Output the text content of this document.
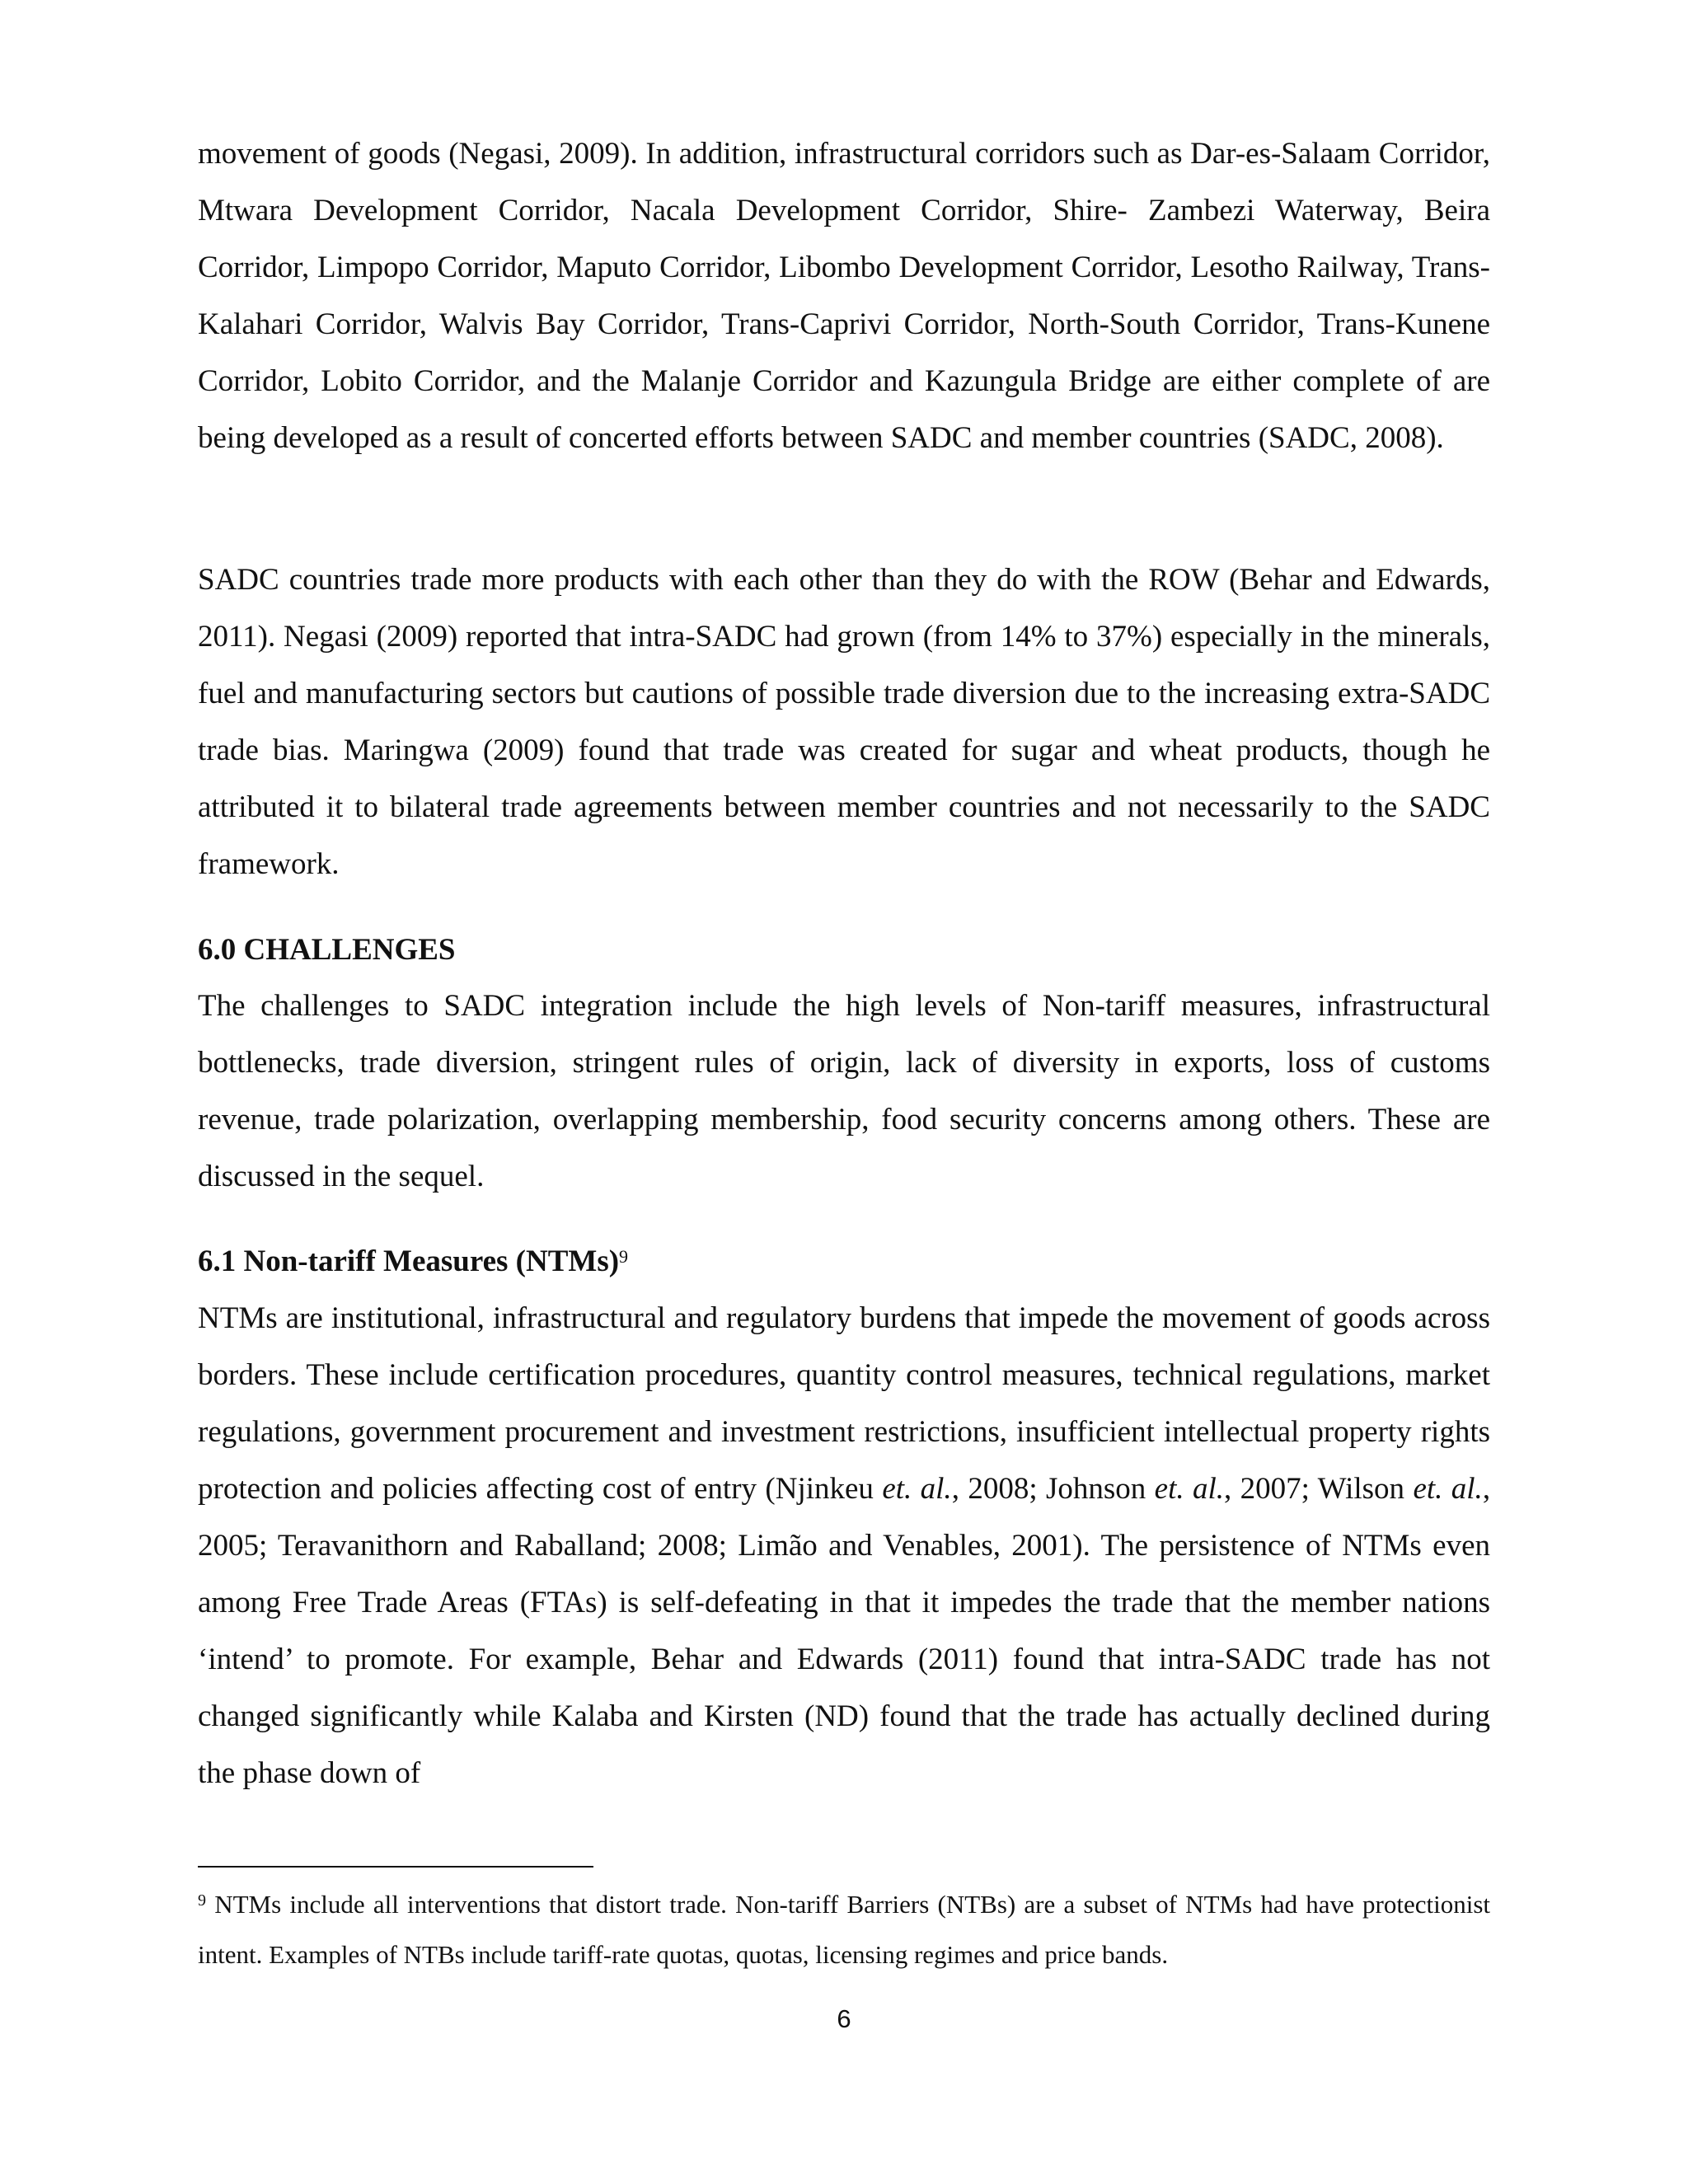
movement of goods (Negasi, 2009). In addition, infrastructural corridors such as Dar-es-Salaam Corridor, Mtwara Development Corridor, Nacala Development Corridor, Shire- Zambezi Waterway, Beira Corridor, Limpopo Corridor, Maputo Corridor, Libombo Development Corridor, Lesotho Railway, Trans-Kalahari Corridor, Walvis Bay Corridor, Trans-Caprivi Corridor, North-South Corridor, Trans-Kunene Corridor, Lobito Corridor, and the Malanje Corridor and Kazungula Bridge are either complete of are being developed as a result of concerted efforts between SADC and member countries (SADC, 2008).

SADC countries trade more products with each other than they do with the ROW (Behar and Edwards, 2011). Negasi (2009) reported that intra-SADC had grown (from 14% to 37%) especially in the minerals, fuel and manufacturing sectors but cautions of possible trade diversion due to the increasing extra-SADC trade bias. Maringwa (2009) found that trade was created for sugar and wheat products, though he attributed it to bilateral trade agreements between member countries and not necessarily to the SADC framework.

6.0 CHALLENGES

The challenges to SADC integration include the high levels of Non-tariff measures, infrastructural bottlenecks, trade diversion, stringent rules of origin, lack of diversity in exports, loss of customs revenue, trade polarization, overlapping membership, food security concerns among others. These are discussed in the sequel.

6.1 Non-tariff Measures (NTMs)$^9$

NTMs are institutional, infrastructural and regulatory burdens that impede the movement of goods across borders. These include certification procedures, quantity control measures, technical regulations, market regulations, government procurement and investment restrictions, insufficient intellectual property rights protection and policies affecting cost of entry (Njinkeu et. al., 2008; Johnson et. al., 2007; Wilson et. al., 2005; Teravanithorn and Raballand; 2008; Limão and Venables, 2001). The persistence of NTMs even among Free Trade Areas (FTAs) is self-defeating in that it impedes the trade that the member nations ‘intend’ to promote. For example, Behar and Edwards (2011) found that intra-SADC trade has not changed significantly while Kalaba and Kirsten (ND) found that the trade has actually declined during the phase down of

$^9$ NTMs include all interventions that distort trade. Non-tariff Barriers (NTBs) are a subset of NTMs had have protectionist intent. Examples of NTBs include tariff-rate quotas, quotas, licensing regimes and price bands.

6
